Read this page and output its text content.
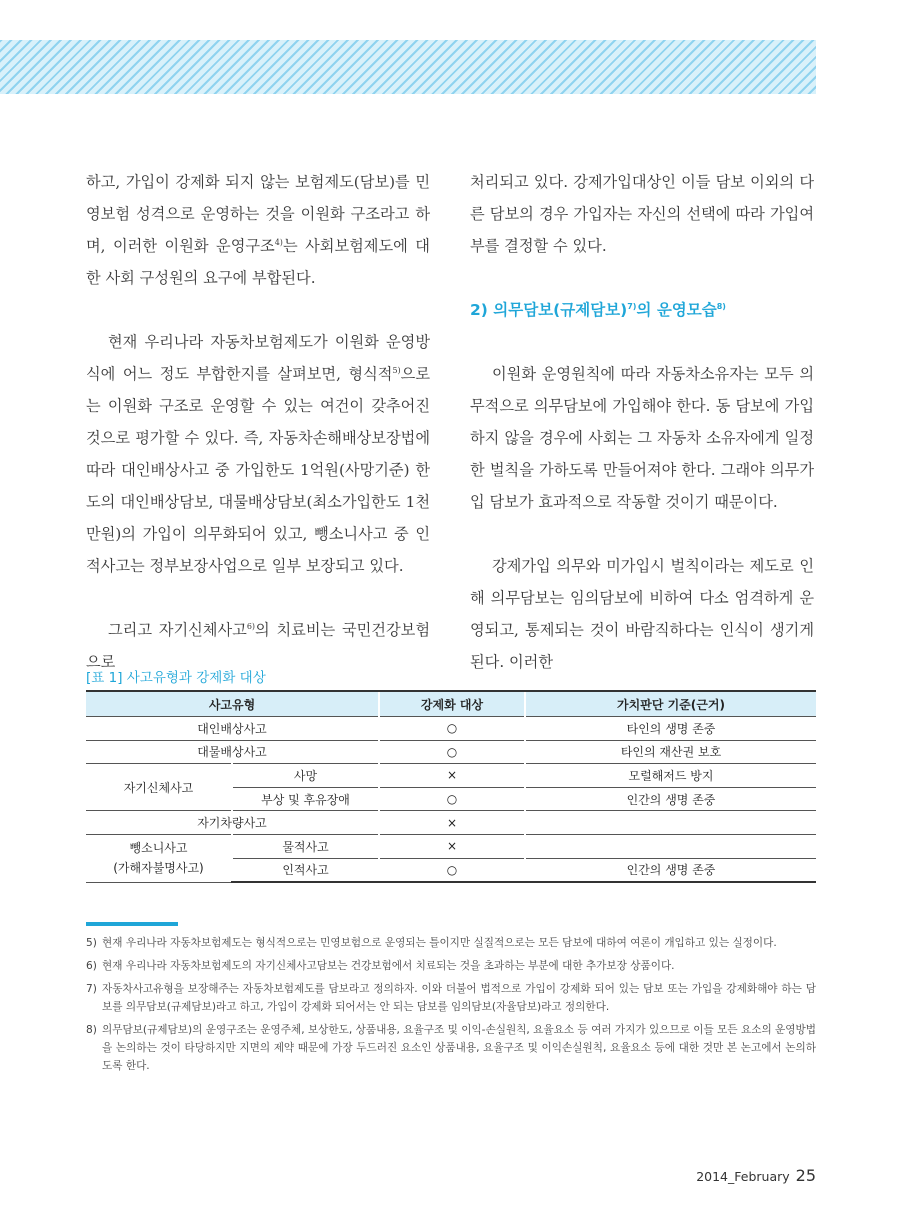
하고, 가입이 강제화 되지 않는 보험제도(담보)를 민영보험 성격으로 운영하는 것을 이원화 구조라고 하며, 이러한 이원화 운영구조$^{4)}$는 사회보험제도에 대한 사회 구성원의 요구에 부합된다.

현재 우리나라 자동차보험제도가 이원화 운영방식에 어느 정도 부합한지를 살펴보면, 형식적$^{5)}$으로는 이원화 구조로 운영할 수 있는 여건이 갖추어진 것으로 평가할 수 있다. 즉, 자동차손해배상보장법에 따라 대인배상사고 중 가입한도 1억원(사망기준) 한도의 대인배상담보, 대물배상담보(최소가입한도 1천만원)의 가입이 의무화되어 있고, 뺑소니사고 중 인적사고는 정부보장사업으로 일부 보장되고 있다.

그리고 자기신체사고$^{6)}$의 치료비는 국민건강보험으로

처리되고 있다. 강제가입대상인 이들 담보 이외의 다른 담보의 경우 가입자는 자신의 선택에 따라 가입여부를 결정할 수 있다.

2) 의무담보(규제담보)$^{7)}$의 운영모습$^{8)}$

이원화 운영원칙에 따라 자동차소유자는 모두 의무적으로 의무담보에 가입해야 한다. 동 담보에 가입하지 않을 경우에 사회는 그 자동차 소유자에게 일정한 벌칙을 가하도록 만들어져야 한다. 그래야 의무가입 담보가 효과적으로 작동할 것이기 때문이다.

강제가입 의무와 미가입시 벌칙이라는 제도로 인해 의무담보는 임의담보에 비하여 다소 엄격하게 운영되고, 통제되는 것이 바람직하다는 인식이 생기게 된다. 이러한

[표 1] 사고유형과 강제화 대상
사고유형		강제화 대상	가치판단 기준(근거)
대인배상사고		○	타인의 생명 존중
대물배상사고		○	타인의 재산권 보호
자기신체사고	사망	×	모럴해저드 방지
	부상 및 후유장애	○	인간의 생명 존중
자기차량사고		×	

뺑소니사고
(가해자불명사고)	물적사고	×	
	인적사고	○	인간의 생명 존중
5) 현재 우리나라 자동차보험제도는 형식적으로는 민영보험으로 운영되는 틀이지만 실질적으로는 모든 담보에 대하여 여론이 개입하고 있는 실정이다.
6) 현재 우리나라 자동차보험제도의 자기신체사고담보는 건강보험에서 치료되는 것을 초과하는 부분에 대한 추가보장 상품이다.
7) 자동차사고유형을 보장해주는 자동차보험제도를 담보라고 정의하자. 이와 더불어 법적으로 가입이 강제화 되어 있는 담보 또는 가입을 강제화해야 하는 담보를 의무담보(규제담보)라고 하고, 가입이 강제화 되어서는 안 되는 담보를 임의담보(자율담보)라고 정의한다.
8) 의무담보(규제담보)의 운영구조는 운영주체, 보상한도, 상품내용, 요율구조 및 이익-손실원칙, 요율요소 등 여러 가지가 있으므로 이들 모든 요소의 운영방법을 논의하는 것이 타당하지만 지면의 제약 때문에 가장 두드러진 요소인 상품내용, 요율구조 및 이익손실원칙, 요율요소 등에 대한 것만 본 논고에서 논의하도록 한다.
2014_February 25
